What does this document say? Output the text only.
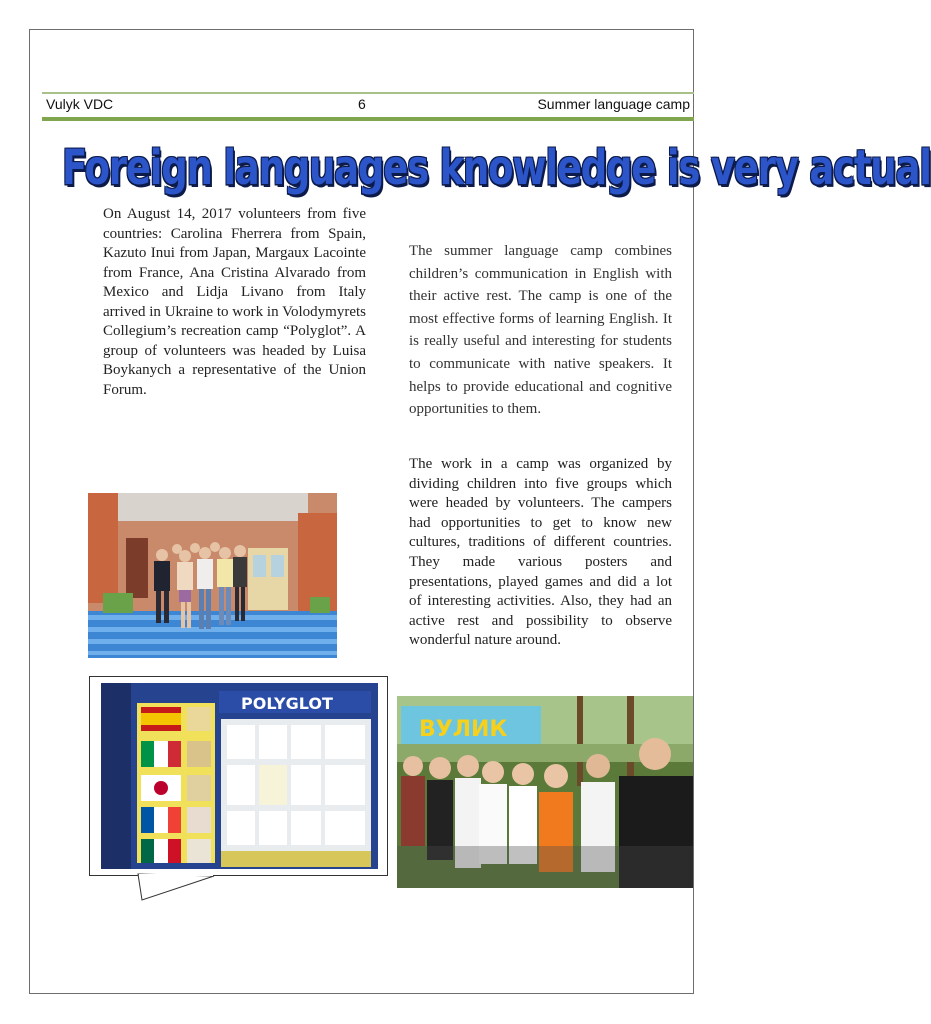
Vulyk VDC	6	Summer language camp
Foreign languages knowledge is very actual

On August 14, 2017 volunteers from five countries: Carolina Fherrera from Spain, Kazuto Inui from Japan, Margaux Lacointe from France, Ana Cristina Alvarado from Mexico and Lidja Livano from Italy arrived in Ukraine to work in Volodymyrets Collegium’s recreation camp “Polyglot”. A group of volunteers was headed by Luisa Boykanych a representative of the Union Forum.

The summer language camp combines children’s communication in English with their active rest. The camp is one of the most effective forms of learning English. It is really useful and interesting for students to communicate with native speakers. It helps to provide educational and cognitive opportunities to them.

The work in a camp was organized by dividing children into five groups which were headed by volunteers. The campers had opportunities to get to know new cultures, traditions of different countries. They made various posters and presentations, played games and did a lot of interesting activities. Also, they had an active rest and possibility to observe wonderful nature around.

POLYGLOT
ВУЛИК
